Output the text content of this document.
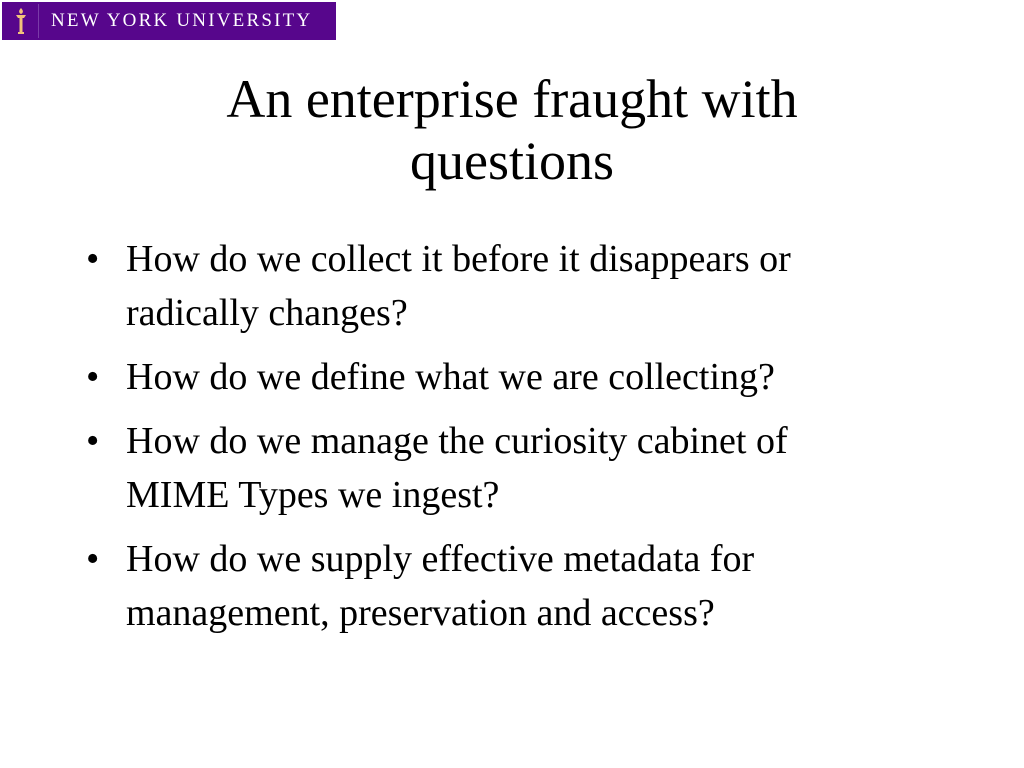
NEW YORK UNIVERSITY
An enterprise fraught with
questions
• How do we collect it before it disappears or
radically changes?
• How do we define what we are collecting?
• How do we manage the curiosity cabinet of
MIME Types we ingest?
• How do we supply effective metadata for
management, preservation and access?
